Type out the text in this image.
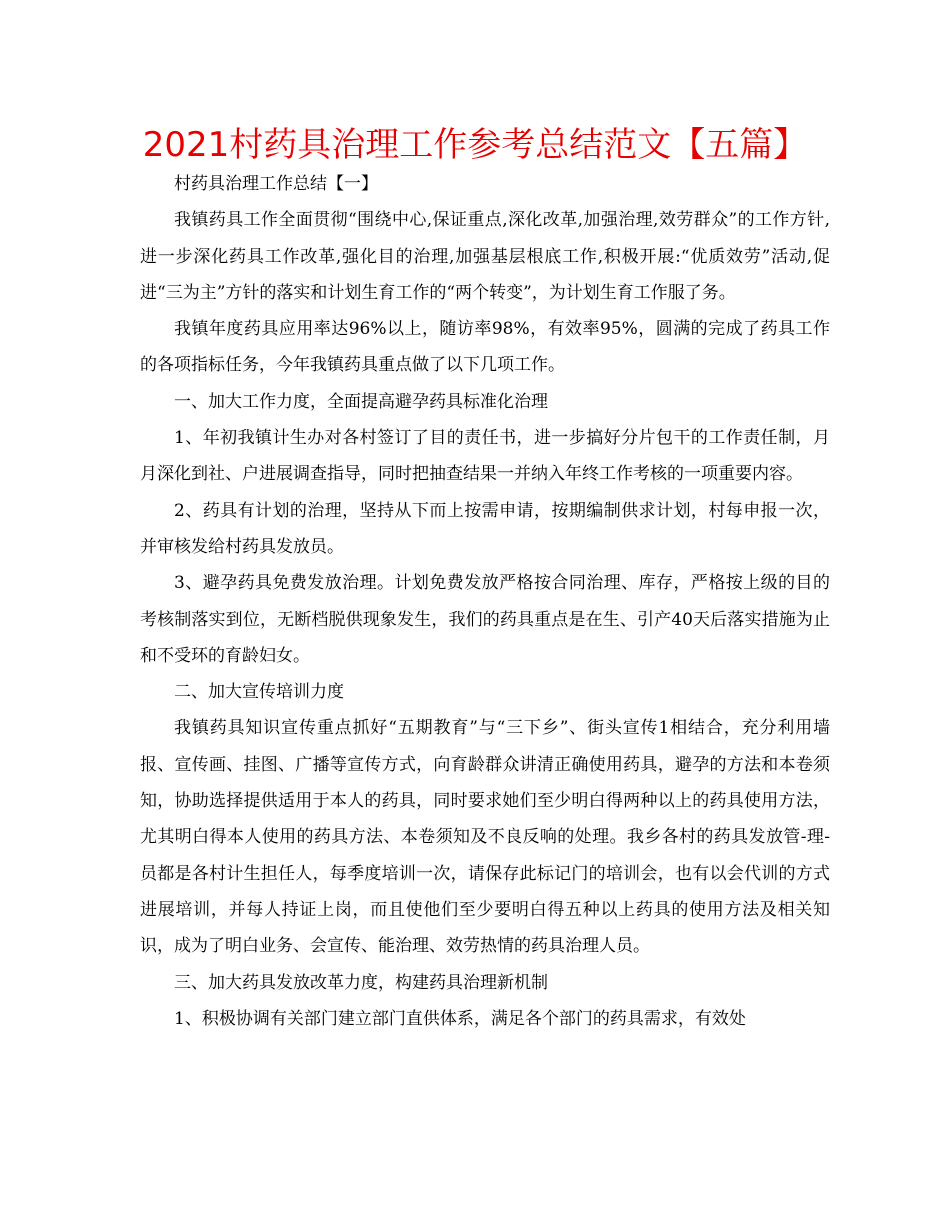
2021村药具治理工作参考总结范文【五篇】

村药具治理工作总结【一】

我镇药具工作全面贯彻“围绕中心,保证重点,深化改革,加强治理,效劳群众”的工作方针,进一步深化药具工作改革,强化目的治理,加强基层根底工作,积极开展:“优质效劳”活动,促进“三为主”方针的落实和计划生育工作的“两个转变”，为计划生育工作服了务。

我镇年度药具应用率达96%以上，随访率98%，有效率95%，圆满的完成了药具工作的各项指标任务，今年我镇药具重点做了以下几项工作。

一、加大工作力度，全面提高避孕药具标准化治理

1、年初我镇计生办对各村签订了目的责任书，进一步搞好分片包干的工作责任制，月月深化到社、户进展调查指导，同时把抽查结果一并纳入年终工作考核的一项重要内容。

2、药具有计划的治理，坚持从下而上按需申请，按期编制供求计划，村每申报一次，并审核发给村药具发放员。

3、避孕药具免费发放治理。计划免费发放严格按合同治理、库存，严格按上级的目的考核制落实到位，无断档脱供现象发生，我们的药具重点是在生、引产40天后落实措施为止和不受环的育龄妇女。

二、加大宣传培训力度

我镇药具知识宣传重点抓好“五期教育”与“三下乡”、街头宣传1相结合，充分利用墙报、宣传画、挂图、广播等宣传方式，向育龄群众讲清正确使用药具，避孕的方法和本卷须知，协助选择提供适用于本人的药具，同时要求她们至少明白得两种以上的药具使用方法，尤其明白得本人使用的药具方法、本卷须知及不良反响的处理。我乡各村的药具发放管-理-员都是各村计生担任人，每季度培训一次，请保存此标记门的培训会，也有以会代训的方式进展培训，并每人持证上岗，而且使他们至少要明白得五种以上药具的使用方法及相关知识，成为了明白业务、会宣传、能治理、效劳热情的药具治理人员。

三、加大药具发放改革力度，构建药具治理新机制

1、积极协调有关部门建立部门直供体系，满足各个部门的药具需求，有效处
